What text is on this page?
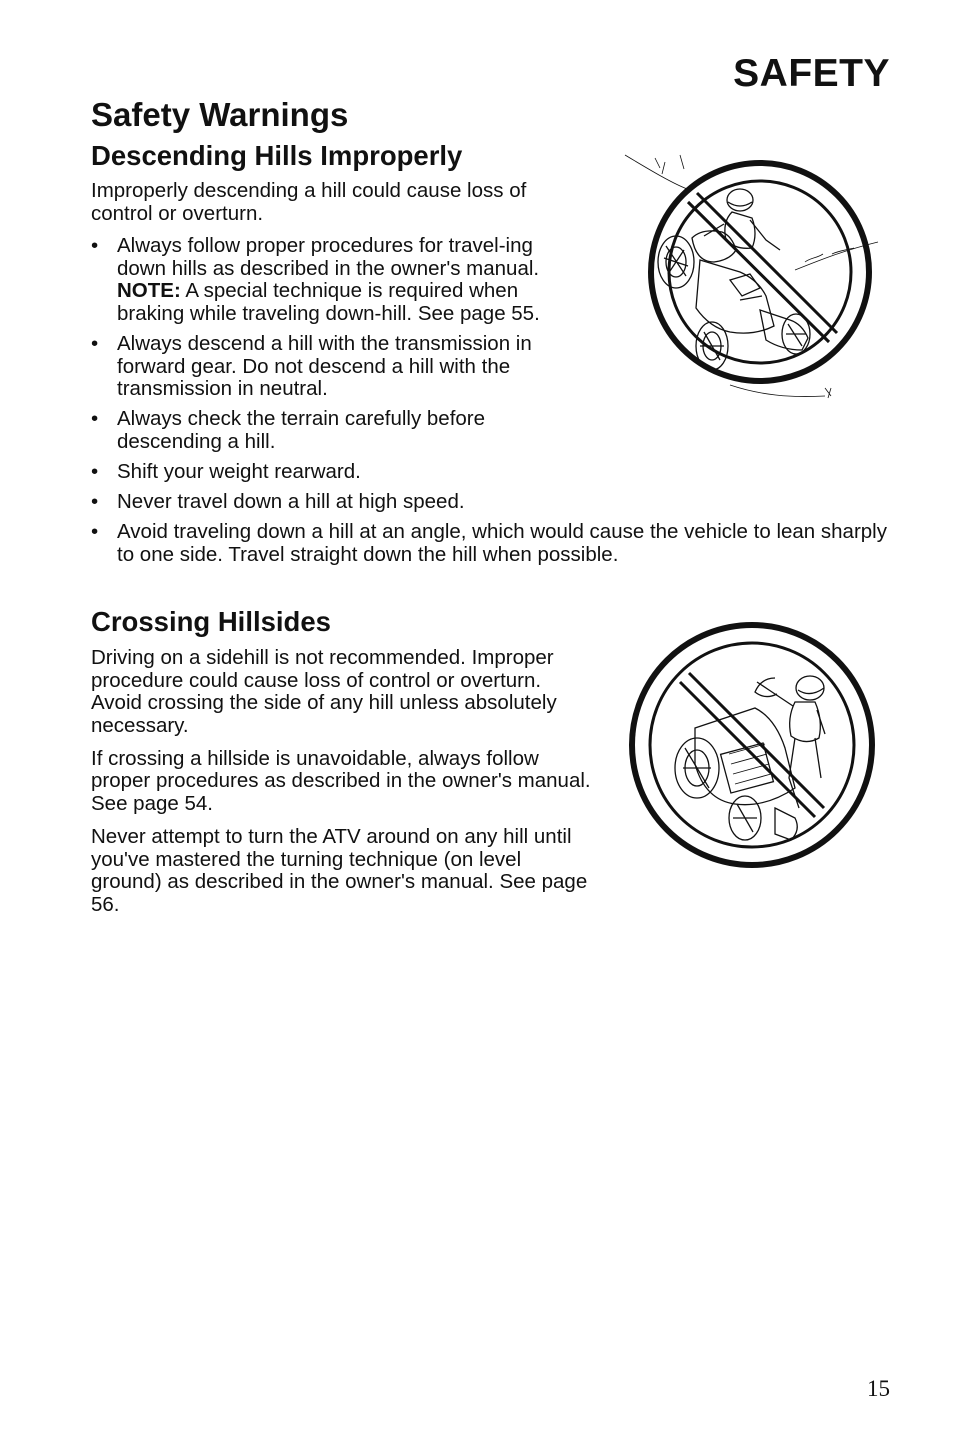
SAFETY
Safety Warnings
Descending Hills Improperly

Improperly descending a hill could cause loss of control or overturn.

• Always follow proper procedures for travel-ing down hills as described in the owner's manual. NOTE: A special technique is required when braking while traveling down-hill. See page 55.
• Always descend a hill with the transmission in forward gear. Do not descend a hill with the transmission in neutral.
• Always check the terrain carefully before descending a hill.
• Shift your weight rearward.
• Never travel down a hill at high speed.
• Avoid traveling down a hill at an angle, which would cause the vehicle to lean sharply to one side. Travel straight down the hill when possible.
Crossing Hillsides

Driving on a sidehill is not recommended. Improper procedure could cause loss of control or overturn. Avoid crossing the side of any hill unless absolutely necessary.

If crossing a hillside is unavoidable, always follow proper procedures as described in the owner's manual. See page 54.

Never attempt to turn the ATV around on any hill until you've mastered the turning technique (on level ground) as described in the owner's manual. See page 56.

15
